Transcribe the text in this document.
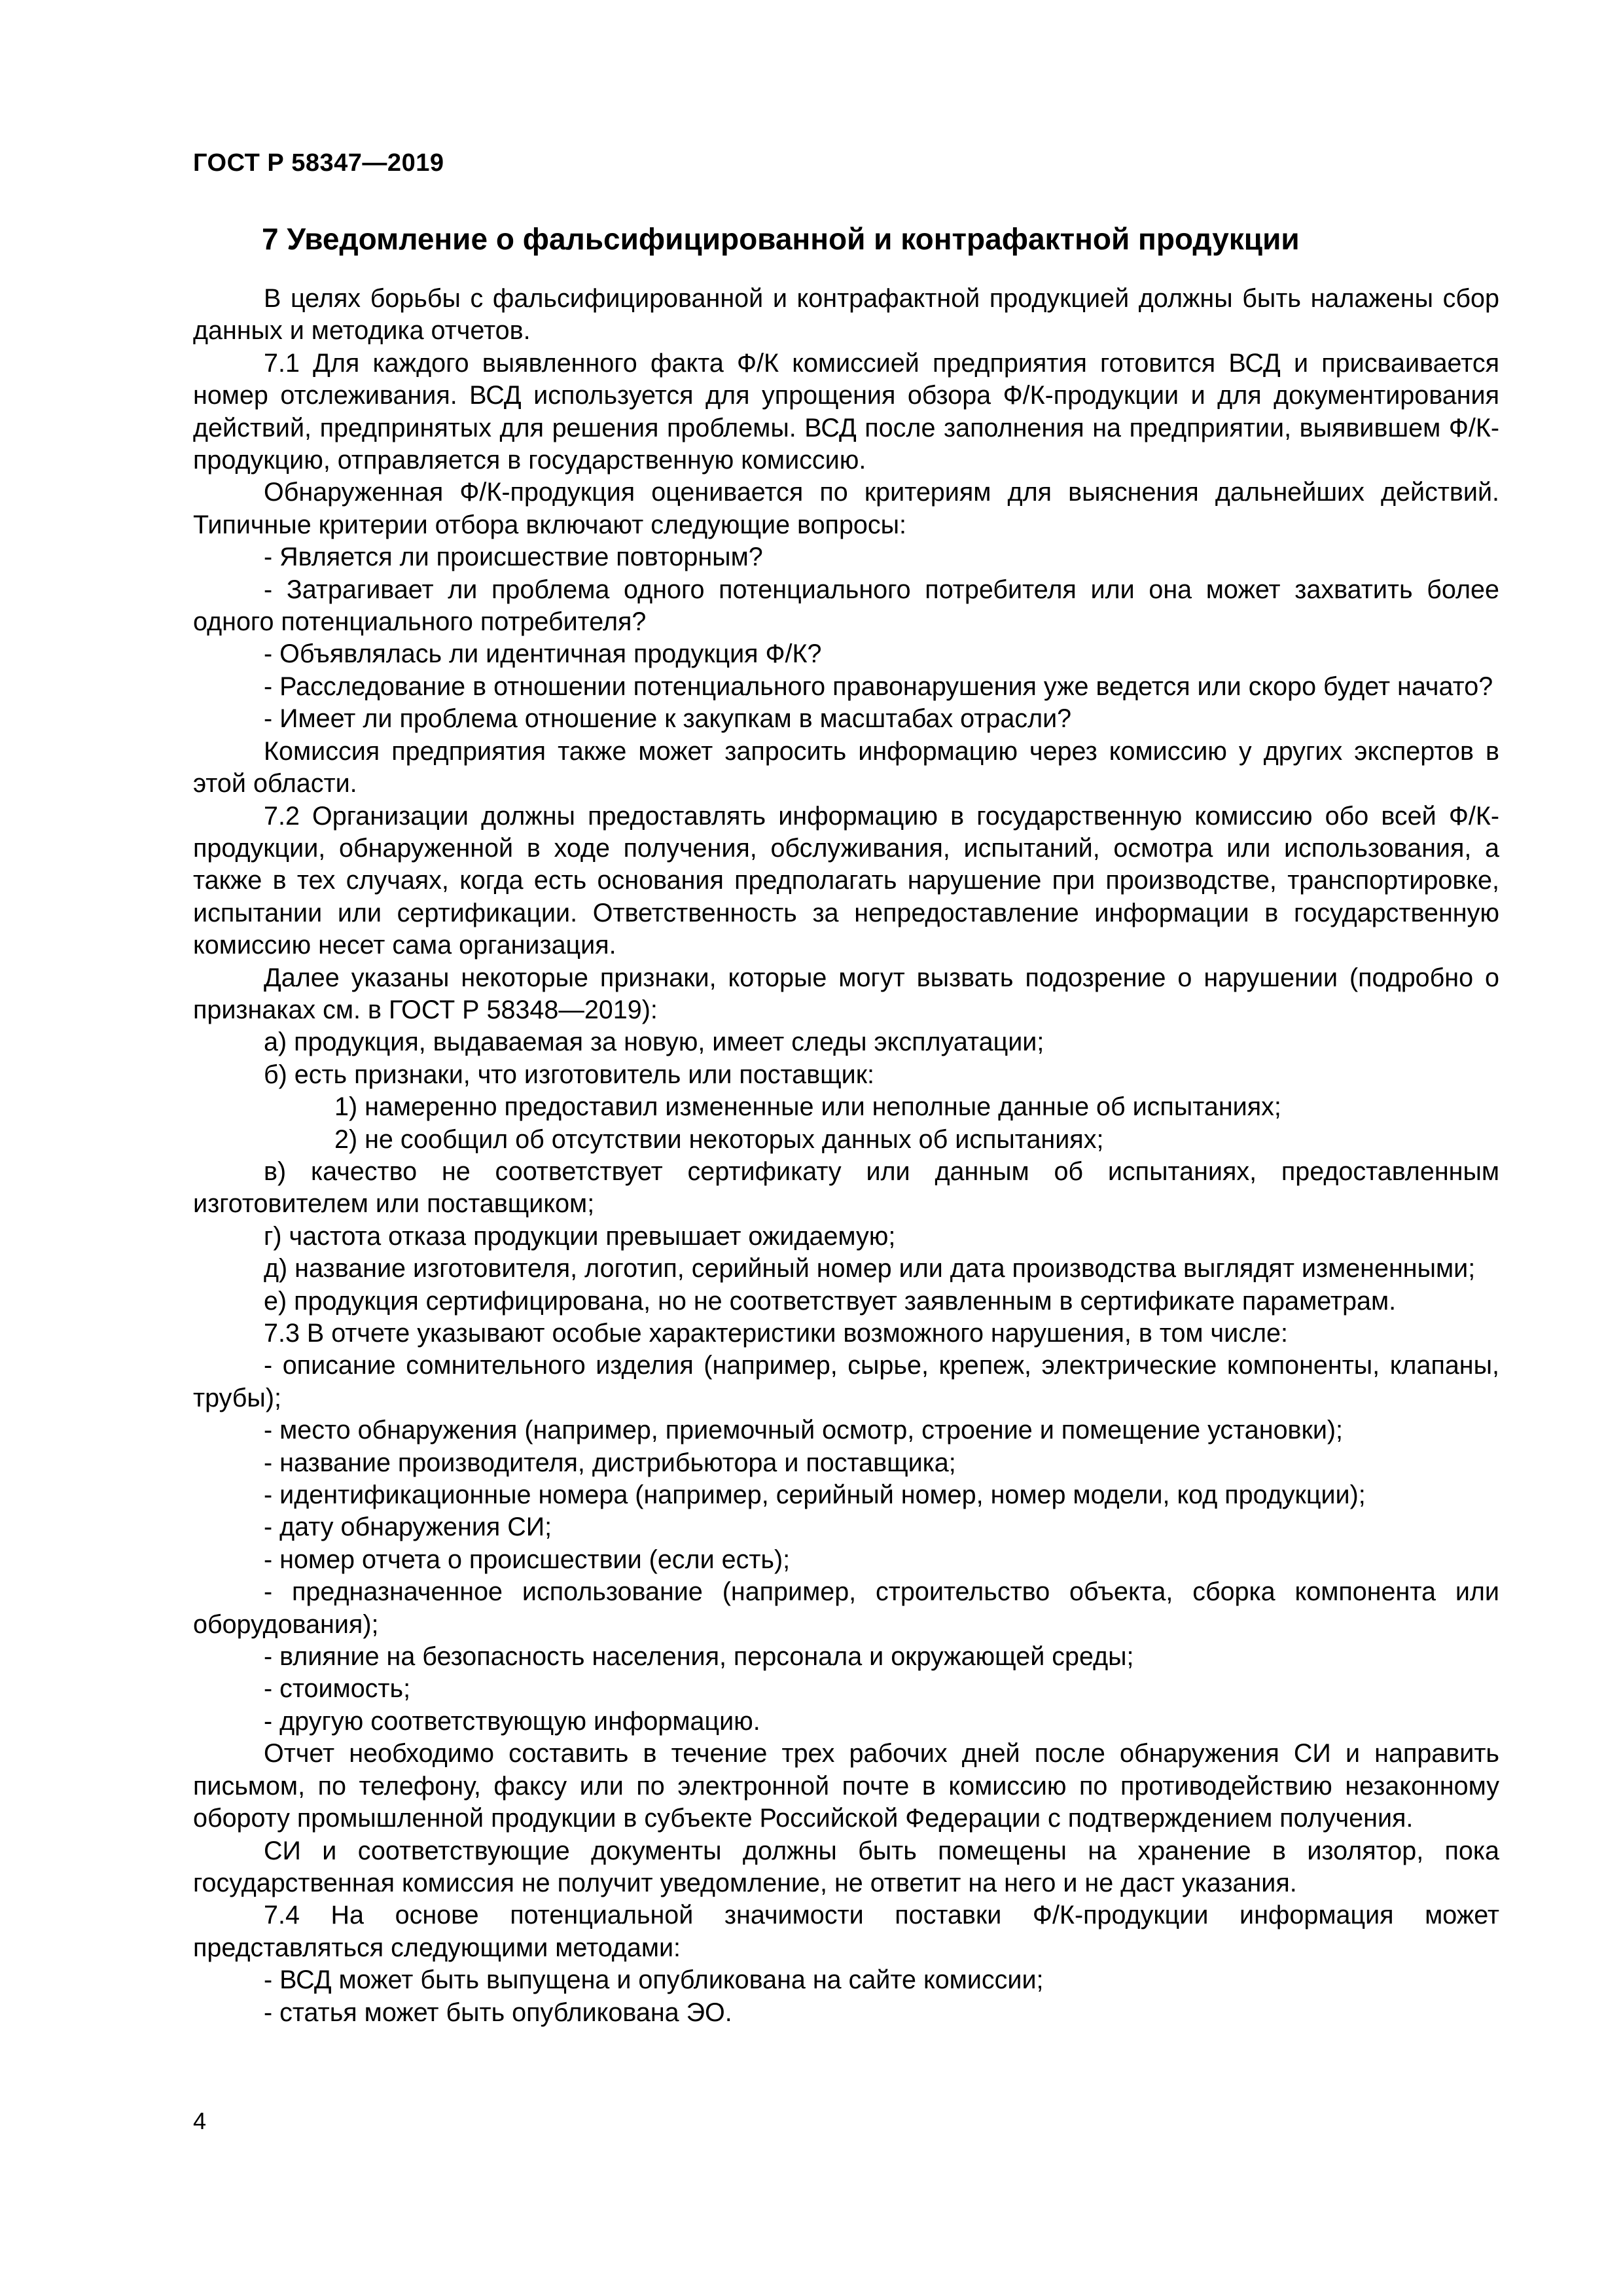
ГОСТ Р 58347—2019
7 Уведомление о фальсифицированной и контрафактной продукции

В целях борьбы с фальсифицированной и контрафактной продукцией должны быть налажены сбор данных и методика отчетов.

7.1 Для каждого выявленного факта Ф/К комиссией предприятия готовится ВСД и присваивается номер отслеживания. ВСД используется для упрощения обзора Ф/К-продукции и для документирования действий, предпринятых для решения проблемы. ВСД после заполнения на предприятии, выявившем Ф/К-продукцию, отправляется в государственную комиссию.

Обнаруженная Ф/К-продукция оценивается по критериям для выяснения дальнейших действий. Типичные критерии отбора включают следующие вопросы:

- Является ли происшествие повторным?

- Затрагивает ли проблема одного потенциального потребителя или она может захватить более одного потенциального потребителя?

- Объявлялась ли идентичная продукция Ф/К?

- Расследование в отношении потенциального правонарушения уже ведется или скоро будет начато?

- Имеет ли проблема отношение к закупкам в масштабах отрасли?

Комиссия предприятия также может запросить информацию через комиссию у других экспертов в этой области.

7.2 Организации должны предоставлять информацию в государственную комиссию обо всей Ф/К-продукции, обнаруженной в ходе получения, обслуживания, испытаний, осмотра или использования, а также в тех случаях, когда есть основания предполагать нарушение при производстве, транспортировке, испытании или сертификации. Ответственность за непредоставление информации в государственную комиссию несет сама организация.

Далее указаны некоторые признаки, которые могут вызвать подозрение о нарушении (подробно о признаках см. в ГОСТ Р 58348—2019):

а) продукция, выдаваемая за новую, имеет следы эксплуатации;

б) есть признаки, что изготовитель или поставщик:

1) намеренно предоставил измененные или неполные данные об испытаниях;

2) не сообщил об отсутствии некоторых данных об испытаниях;

в) качество не соответствует сертификату или данным об испытаниях, предоставленным изготовителем или поставщиком;

г) частота отказа продукции превышает ожидаемую;

д) название изготовителя, логотип, серийный номер или дата производства выглядят измененными;

е) продукция сертифицирована, но не соответствует заявленным в сертификате параметрам.

7.3 В отчете указывают особые характеристики возможного нарушения, в том числе:

- описание сомнительного изделия (например, сырье, крепеж, электрические компоненты, клапаны, трубы);

- место обнаружения (например, приемочный осмотр, строение и помещение установки);

- название производителя, дистрибьютора и поставщика;

- идентификационные номера (например, серийный номер, номер модели, код продукции);

- дату обнаружения СИ;

- номер отчета о происшествии (если есть);

- предназначенное использование (например, строительство объекта, сборка компонента или оборудования);

- влияние на безопасность населения, персонала и окружающей среды;

- стоимость;

- другую соответствующую информацию.

Отчет необходимо составить в течение трех рабочих дней после обнаружения СИ и направить письмом, по телефону, факсу или по электронной почте в комиссию по противодействию незаконному обороту промышленной продукции в субъекте Российской Федерации с подтверждением получения.

СИ и соответствующие документы должны быть помещены на хранение в изолятор, пока государственная комиссия не получит уведомление, не ответит на него и не даст указания.

7.4 На основе потенциальной значимости поставки Ф/К-продукции информация может представляться следующими методами:

- ВСД может быть выпущена и опубликована на сайте комиссии;

- статья может быть опубликована ЭО.

4
